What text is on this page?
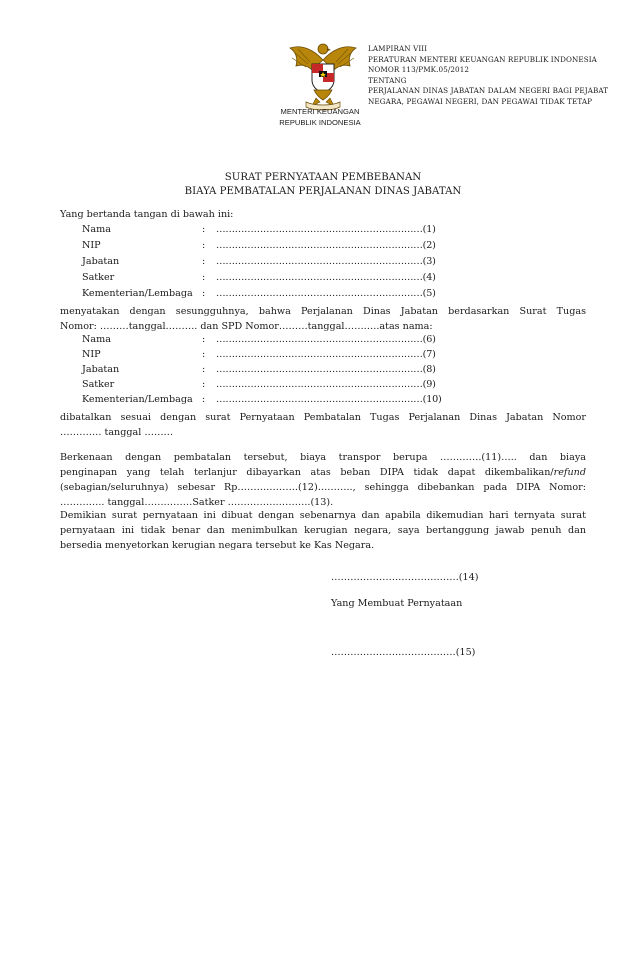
LAMPIRAN VIII
PERATURAN MENTERI KEUANGAN REPUBLIK INDONESIA
NOMOR 113/PMK.05/2012
TENTANG
PERJALANAN DINAS JABATAN DALAM NEGERI BAGI PEJABAT
NEGARA, PEGAWAI NEGERI, DAN PEGAWAI TIDAK TETAP
MENTERI KEUANGAN
REPUBLIK INDONESIA
SURAT PERNYATAAN PEMBEBANAN
BIAYA PEMBATALAN PERJALANAN DINAS JABATAN
Yang bertanda tangan di bawah ini:
Nama	: …………………………………………………………(1)
NIP	: …………………………………………………………(2)
Jabatan	: …………………………………………………………(3)
Satker	: …………………………………………………………(4)
Kementerian/Lembaga : …………………………………………………………(5)
menyatakan dengan sesungguhnya, bahwa Perjalanan Dinas Jabatan berdasarkan Surat Tugas
Nomor: ………tanggal………. dan SPD Nomor………tanggal………..atas nama:
Nama	: …………………………………………………………(6)
NIP	: …………………………………………………………(7)
Jabatan	: …………………………………………………………(8)
Satker	: …………………………………………………………(9)
Kementerian/Lembaga : …………………………………………………………(10)
dibatalkan sesuai dengan surat Pernyataan Pembatalan Tugas Perjalanan Dinas Jabatan Nomor
…………. tanggal ………
Berkenaan dengan pembatalan tersebut, biaya transpor berupa ………….(11)….. dan biaya
penginapan yang telah terlanjur dibayarkan atas beban DIPA tidak dapat dikembalikan/refund
(sebagian/seluruhnya) sebesar Rp……………….(12)……….., sehingga dibebankan pada DIPA Nomor:
………….. tanggal……………Satker ……………………..(13).
Demikian surat pernyataan ini dibuat dengan sebenarnya dan apabila dikemudian hari ternyata surat
pernyataan ini tidak benar dan menimbulkan kerugian negara, saya bertanggung jawab penuh dan
bersedia menyetorkan kerugian negara tersebut ke Kas Negara.
………………………………….(14)
Yang Membuat Pernyataan
…………………………………(15)
